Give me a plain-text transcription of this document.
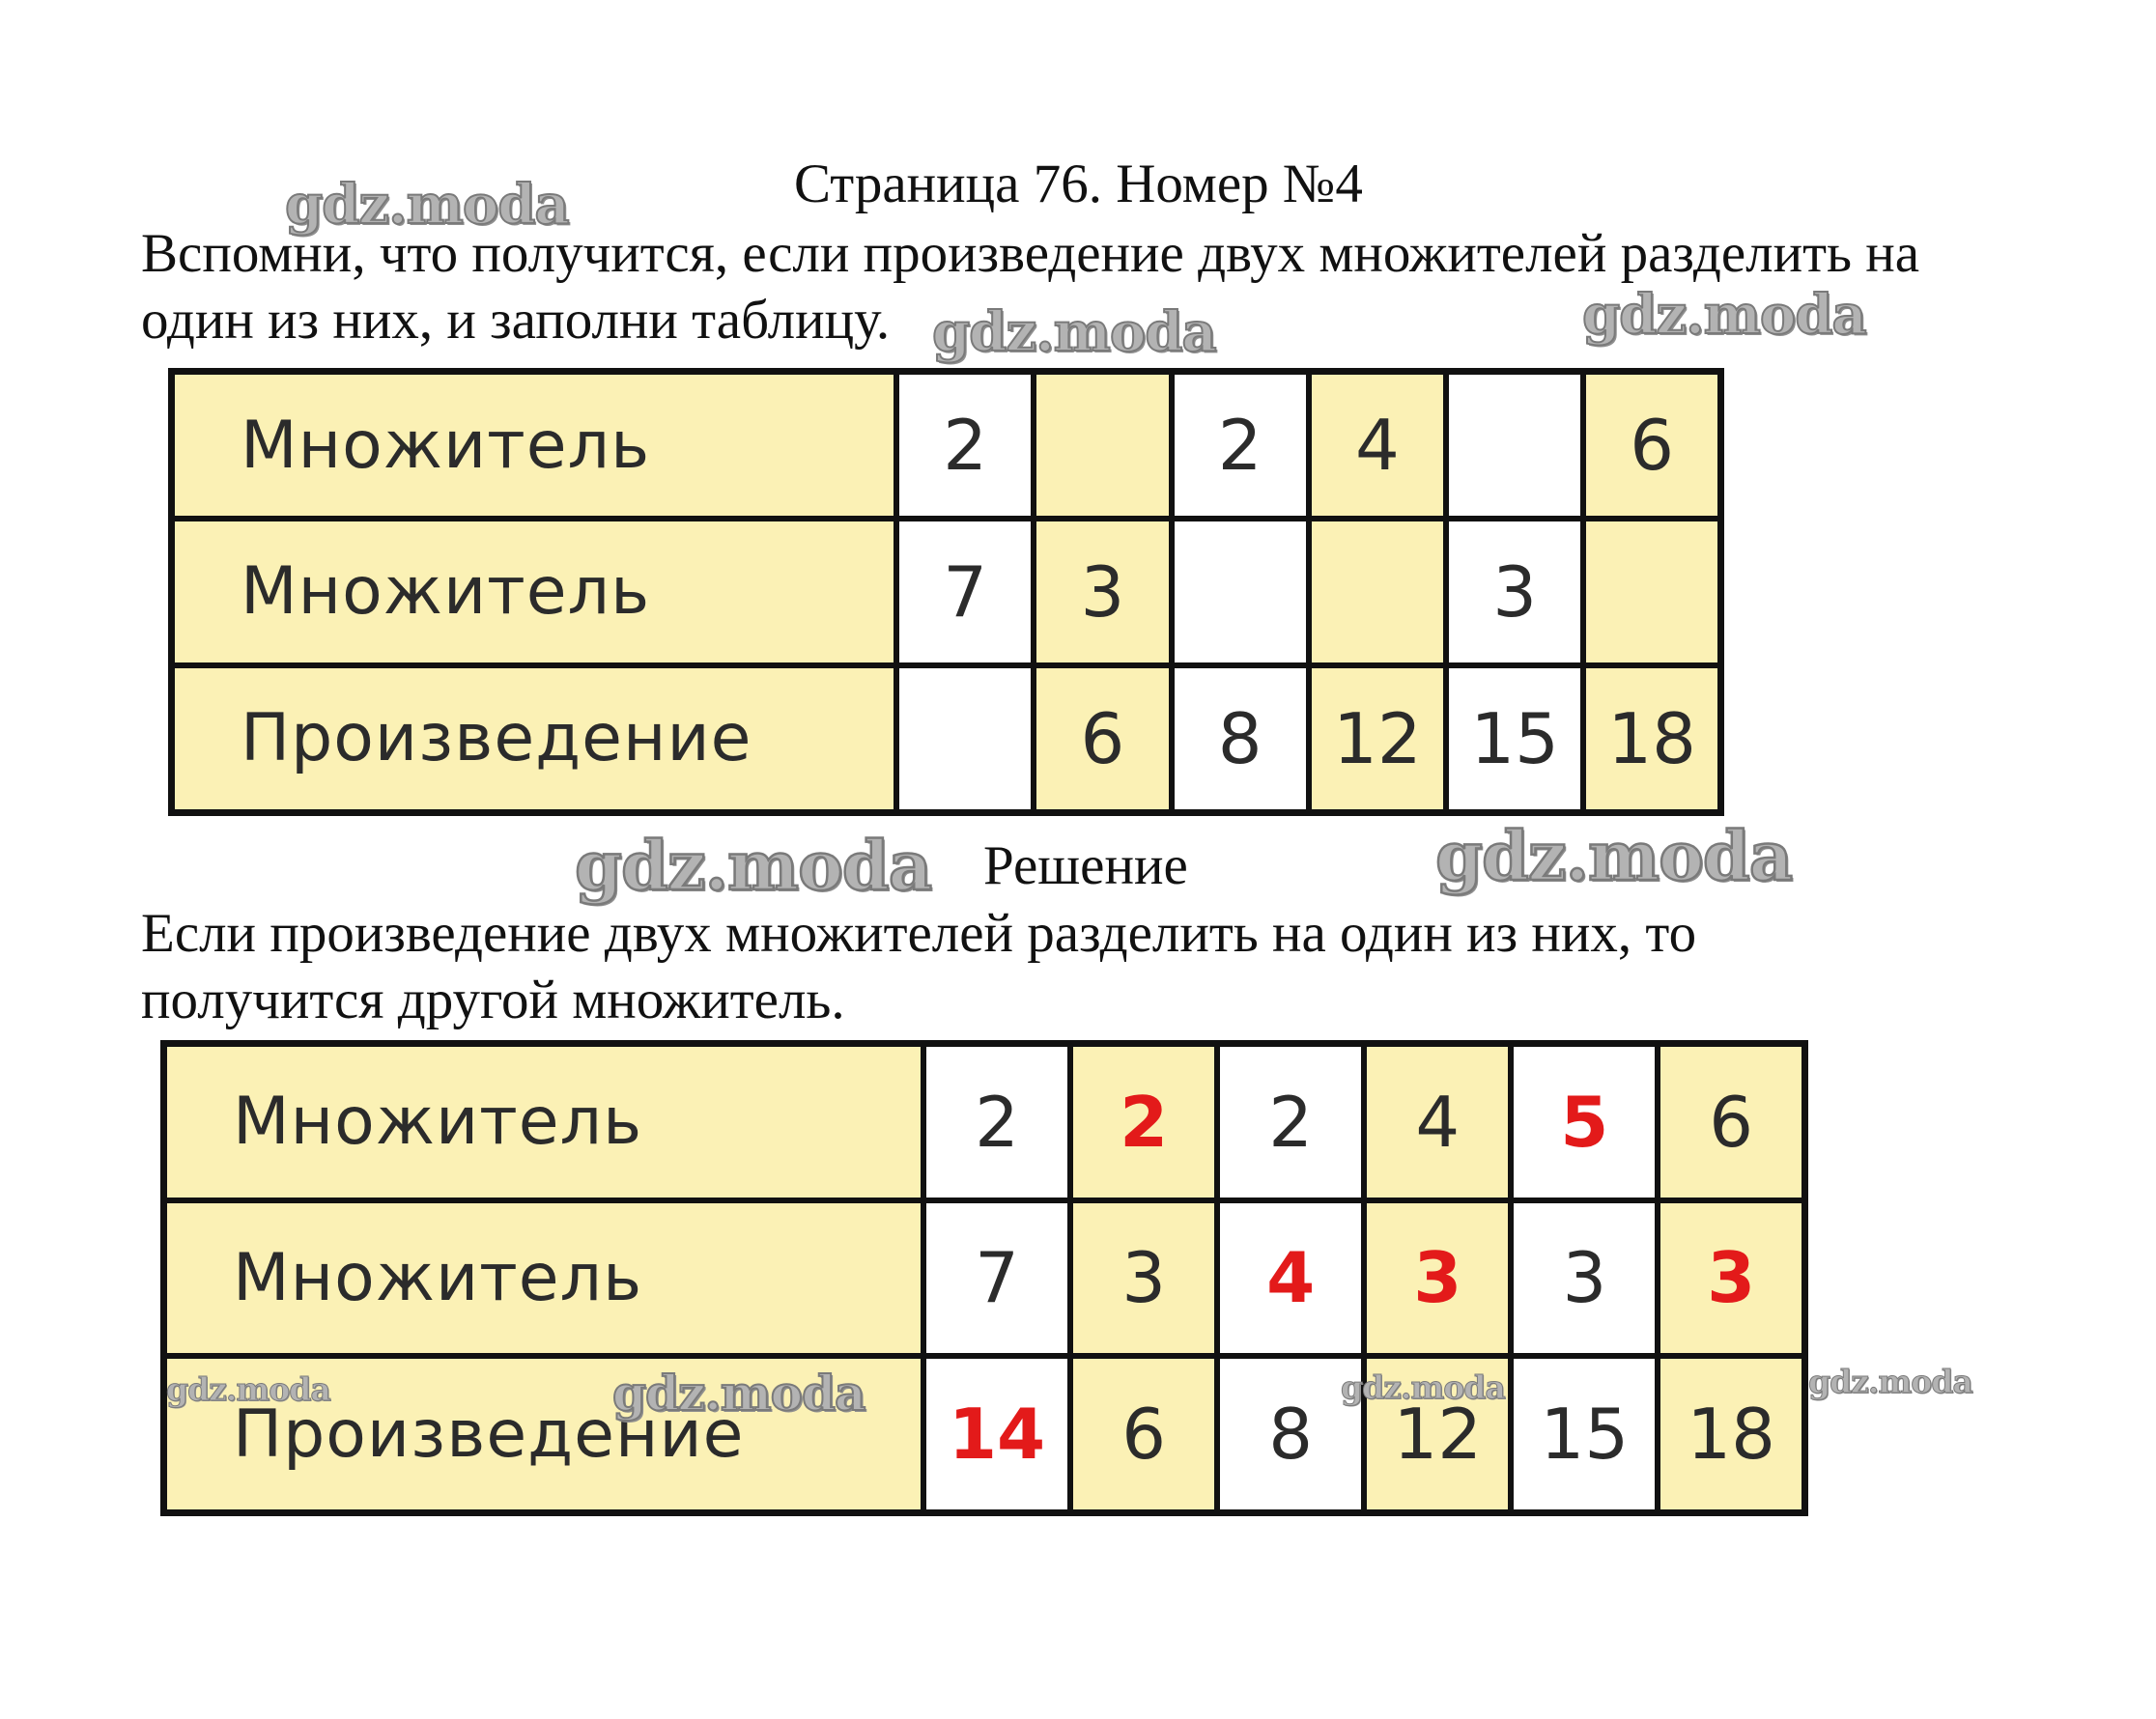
Страница 76. Номер №4
Вспомни, что получится, если произведение двух множителей разделить на
один из них, и заполни таблицу.
Множитель	2		2	4		6
Множитель	7	3			3	
Произведение		6	8	12	15	18
Решение
Если произведение двух множителей разделить на один из них, то
получится другой множитель.
Множитель	2	2	2	4	5	6
Множитель	7	3	4	3	3	3
Произведение	14	6	8	12	15	18
gdz.moda
gdz.moda	gdz.moda
gdz.moda	gdz.moda
gdz.moda	gdz.moda	gdz.moda	gdz.moda
